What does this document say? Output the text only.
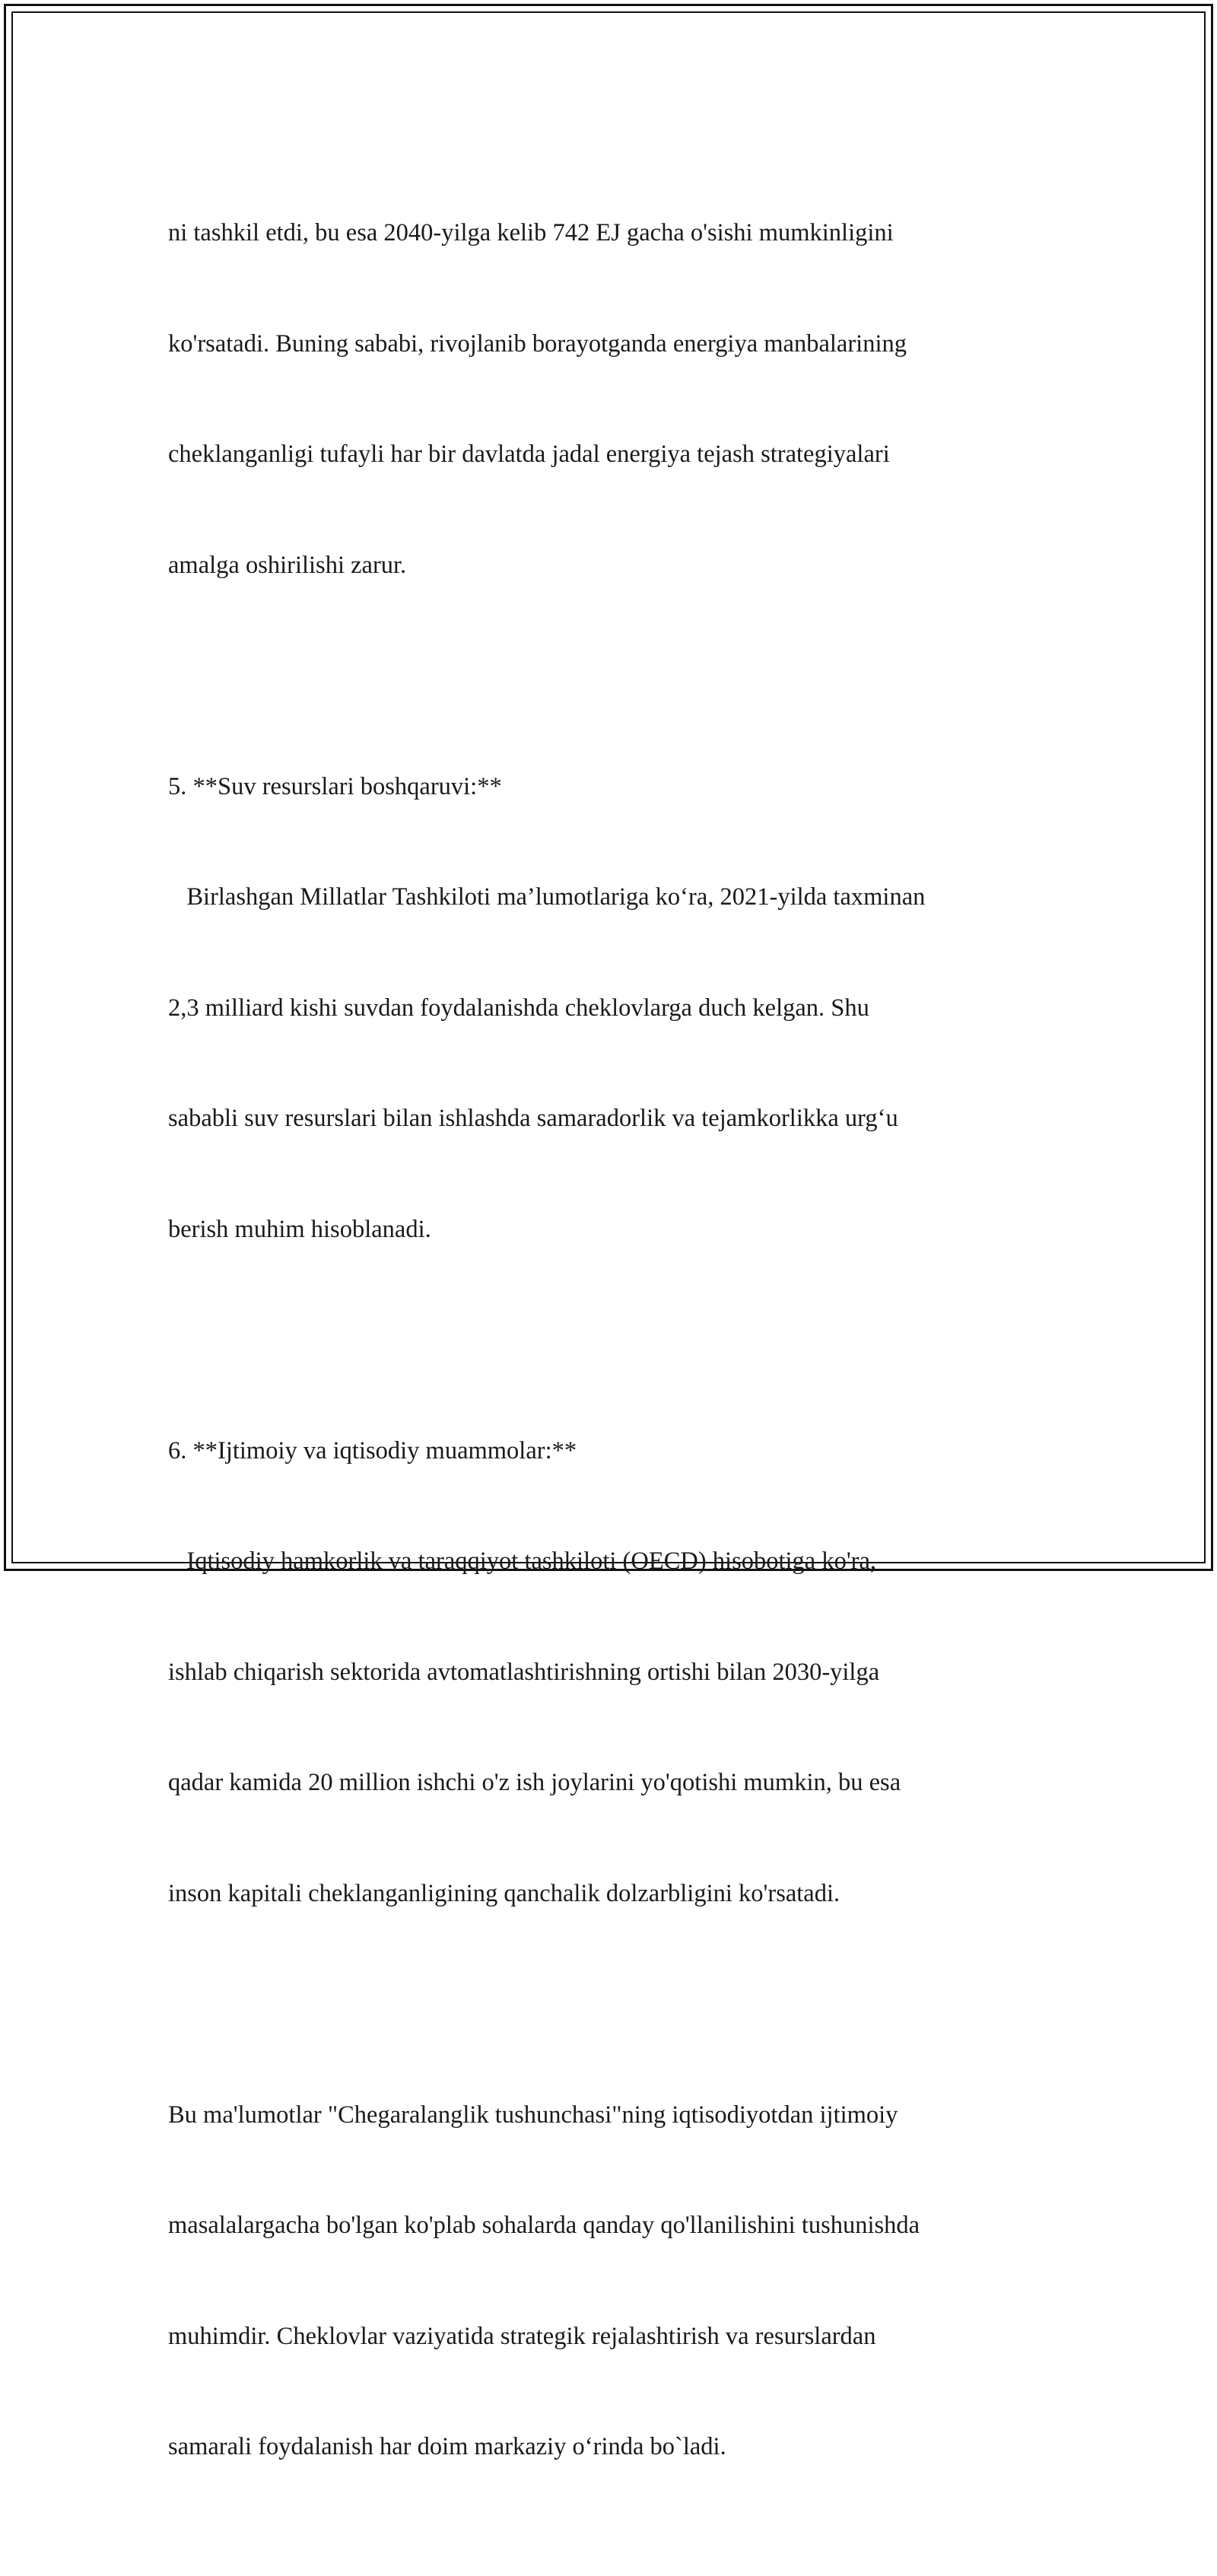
ni tashkil etdi, bu esa 2040-yilga kelib 742 EJ gacha o'sishi mumkinligini

ko'rsatadi. Buning sababi, rivojlanib borayotganda energiya manbalarining

cheklanganligi tufayli har bir davlatda jadal energiya tejash strategiyalari

amalga oshirilishi zarur.

5. **Suv resurslari boshqaruvi:**

Birlashgan Millatlar Tashkiloti ma’lumotlariga ko‘ra, 2021-yilda taxminan

2,3 milliard kishi suvdan foydalanishda cheklovlarga duch kelgan. Shu

sababli suv resurslari bilan ishlashda samaradorlik va tejamkorlikka urg‘u

berish muhim hisoblanadi.

6. **Ijtimoiy va iqtisodiy muammolar:**

Iqtisodiy hamkorlik va taraqqiyot tashkiloti (OECD) hisobotiga ko'ra,

ishlab chiqarish sektorida avtomatlashtirishning ortishi bilan 2030-yilga

qadar kamida 20 million ishchi o'z ish joylarini yo'qotishi mumkin, bu esa

inson kapitali cheklanganligining qanchalik dolzarbligini ko'rsatadi.

Bu ma'lumotlar "Chegaralanglik tushunchasi"ning iqtisodiyotdan ijtimoiy

masalalargacha bo'lgan ko'plab sohalarda qanday qo'llanilishini tushunishda

muhimdir. Cheklovlar vaziyatida strategik rejalashtirish va resurslardan

samarali foydalanish har doim markaziy o‘rinda bo`ladi.
